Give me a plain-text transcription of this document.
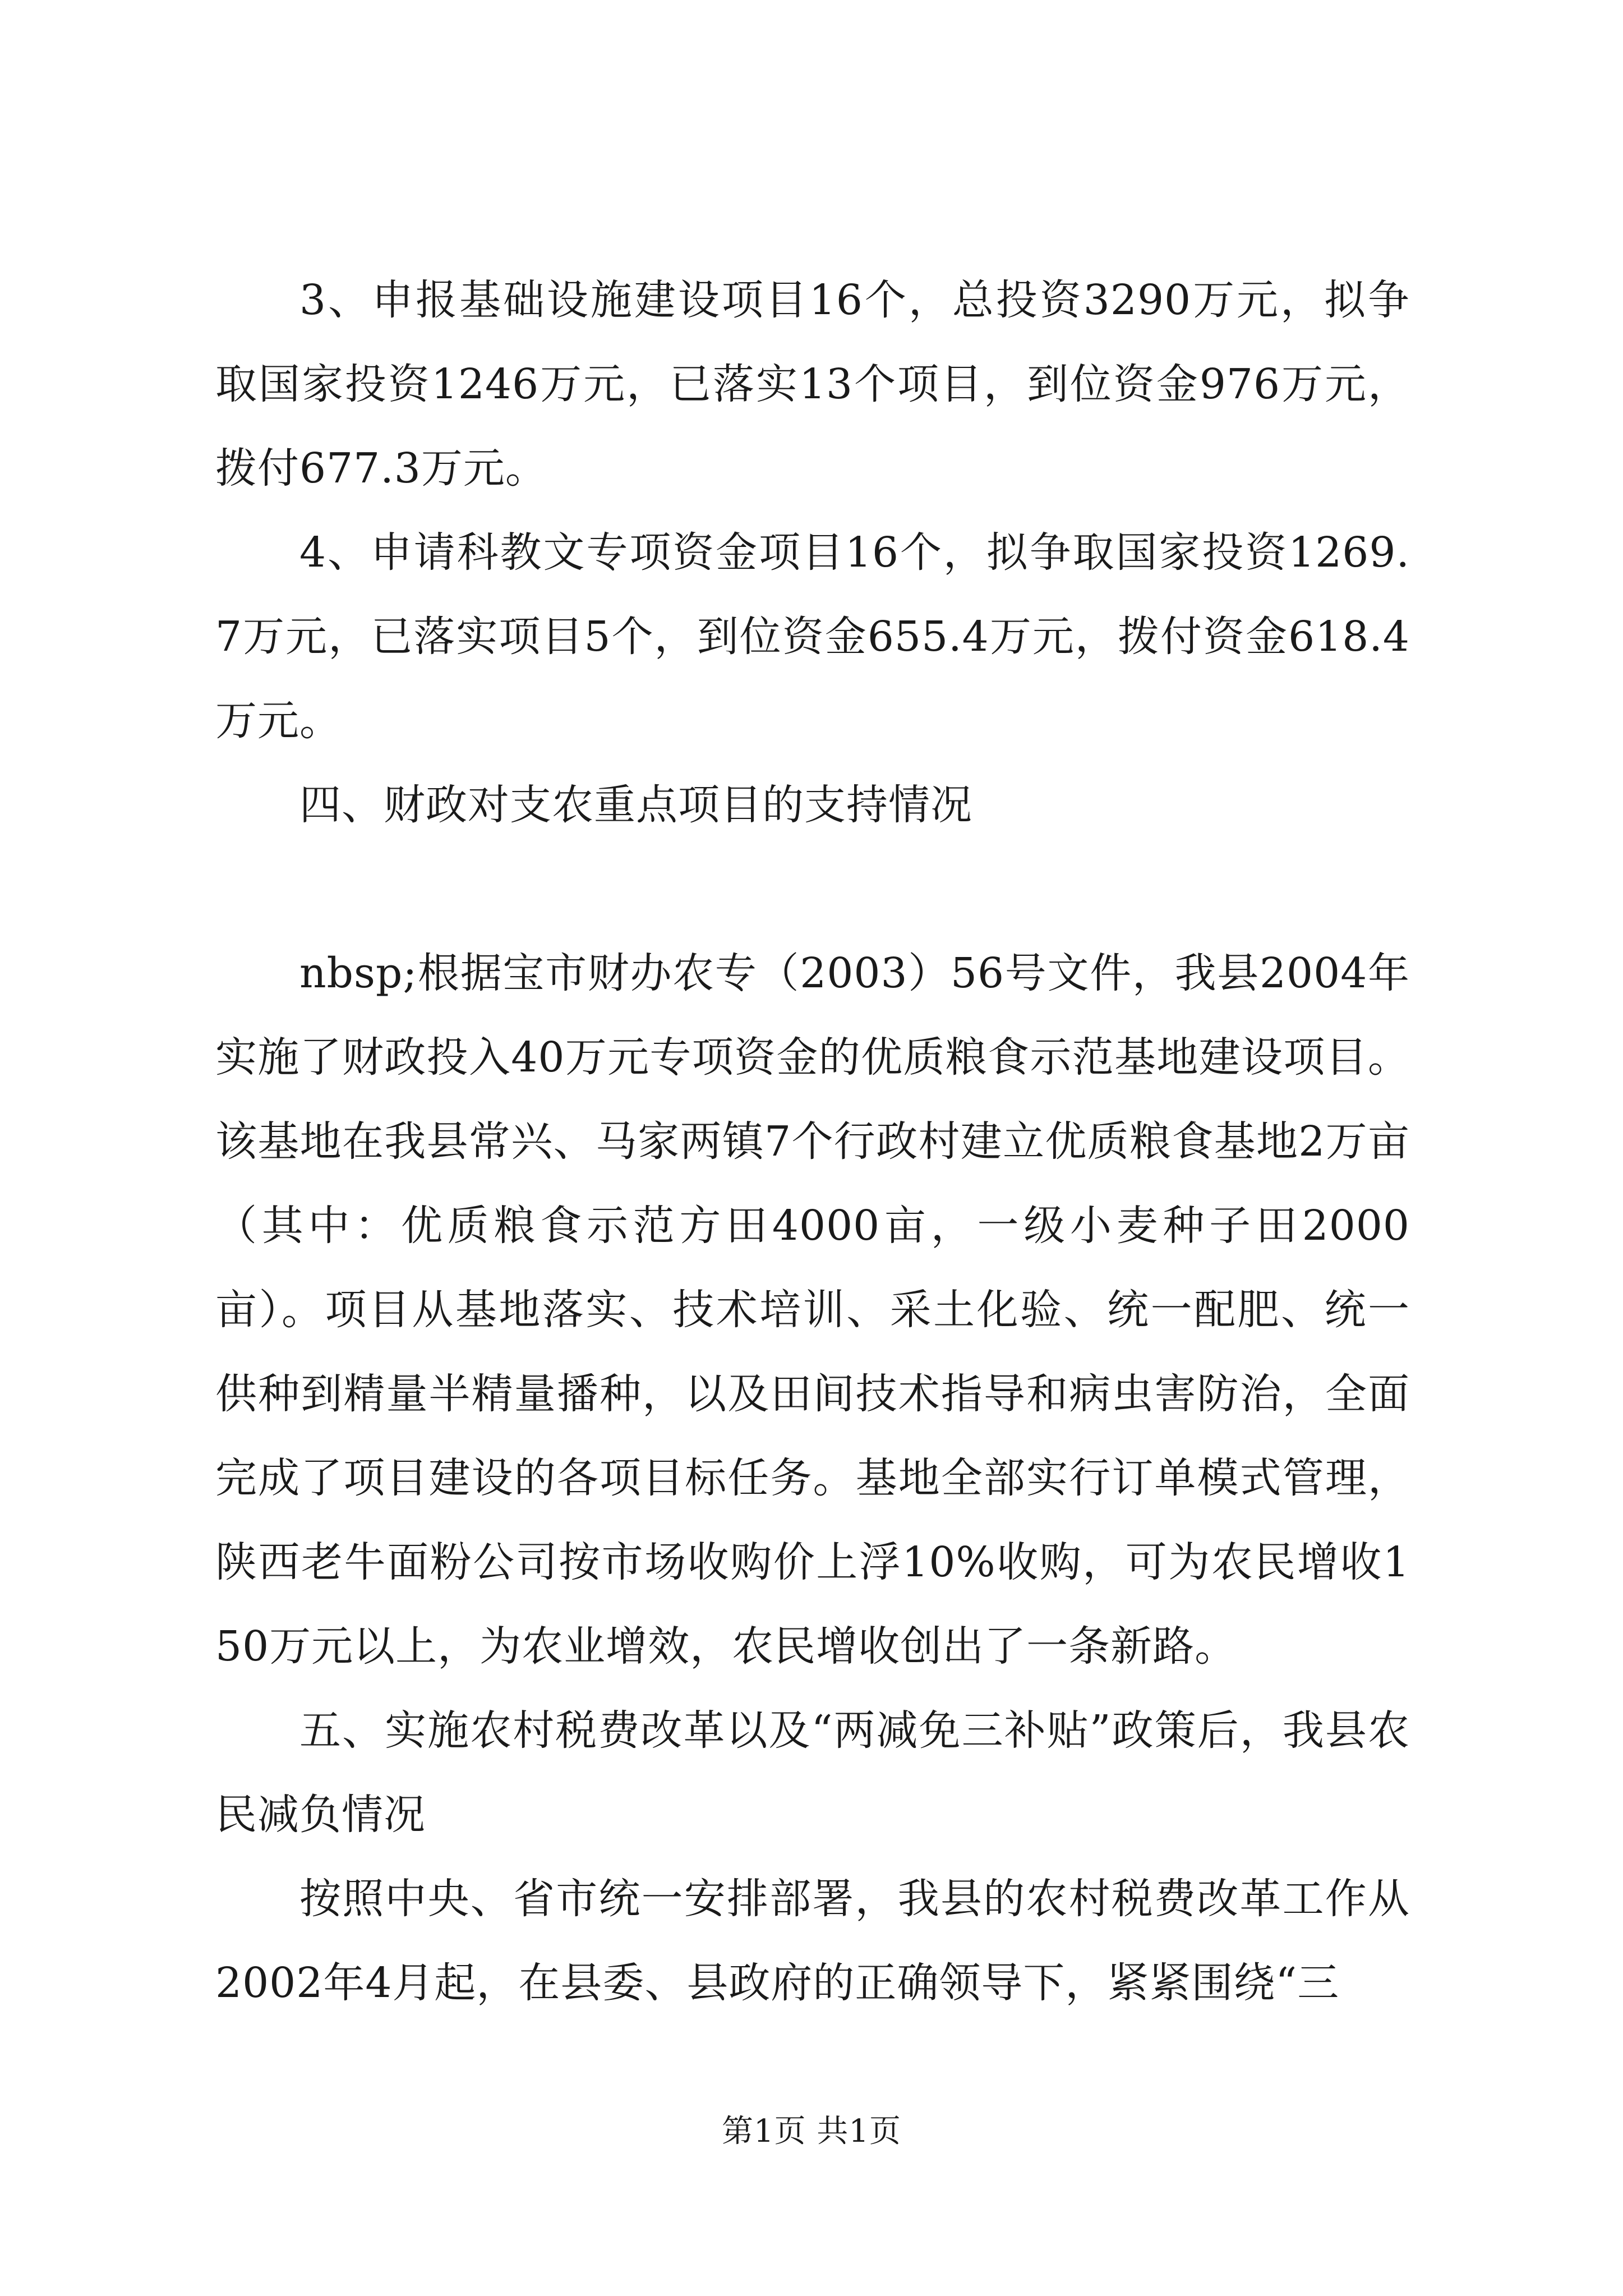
3、申报基础设施建设项目16个，总投资3290万元，拟争取国家投资1246万元，已落实13个项目，到位资金976万元，拨付677.3万元。

4、申请科教文专项资金项目16个，拟争取国家投资1269.7万元，已落实项目5个，到位资金655.4万元，拨付资金618.4万元。

四、财政对支农重点项目的支持情况

nbsp;根据宝市财办农专（2003）56号文件，我县2004年实施了财政投入40万元专项资金的优质粮食示范基地建设项目。该基地在我县常兴、马家两镇7个行政村建立优质粮食基地2万亩（其中：优质粮食示范方田4000亩，一级小麦种子田2000亩）。项目从基地落实、技术培训、采土化验、统一配肥、统一供种到精量半精量播种，以及田间技术指导和病虫害防治，全面完成了项目建设的各项目标任务。基地全部实行订单模式管理，陕西老牛面粉公司按市场收购价上浮10%收购，可为农民增收150万元以上，为农业增效，农民增收创出了一条新路。

五、实施农村税费改革以及“两减免三补贴”政策后，我县农民减负情况

按照中央、省市统一安排部署，我县的农村税费改革工作从2002年4月起，在县委、县政府的正确领导下，紧紧围绕“三

第1页 共1页
